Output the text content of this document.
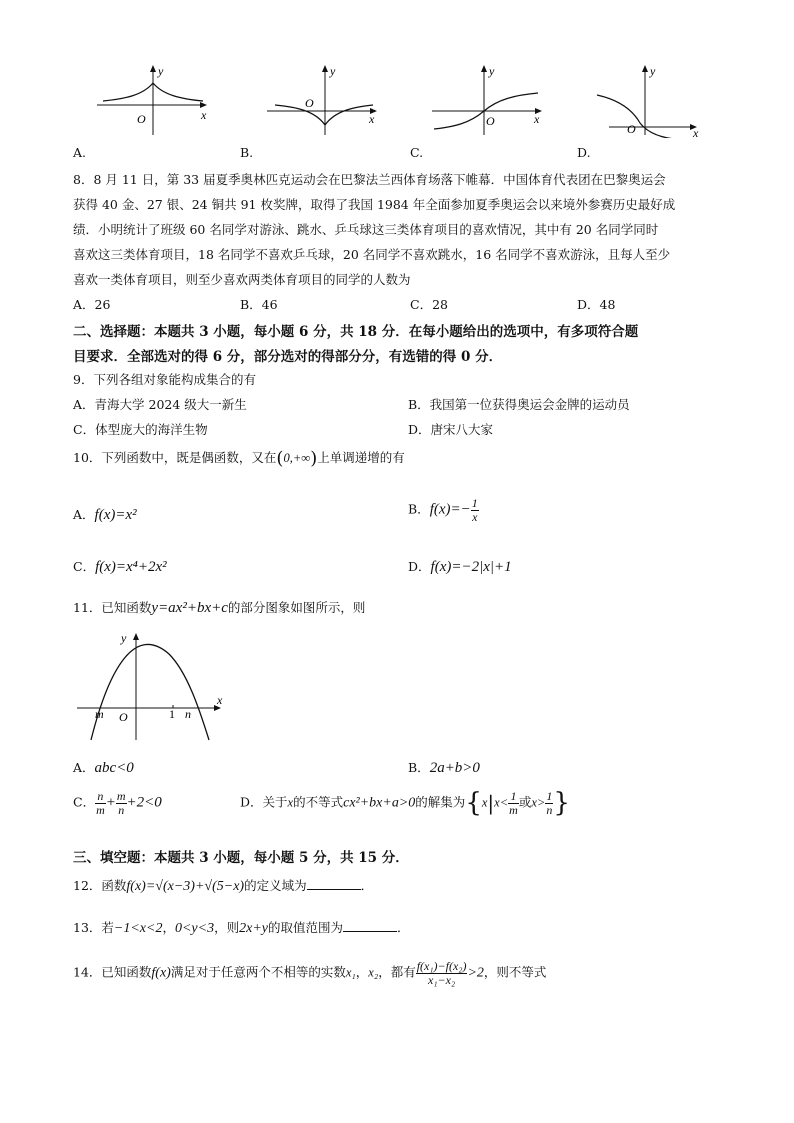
y
x
O
y
x
O
y
x
O
y
x
O
A.	B.	C.	D.
8．8 月 11 日，第 33 届夏季奥林匹克运动会在巴黎法兰西体育场落下帷幕．中国体育代表团在巴黎奥运会
获得 40 金、27 银、24 铜共 91 枚奖牌，取得了我国 1984 年全面参加夏季奥运会以来境外参赛历史最好成
绩．小明统计了班级 60 名同学对游泳、跳水、乒乓球这三类体育项目的喜欢情况，其中有 20 名同学同时
喜欢这三类体育项目，18 名同学不喜欢乒乓球，20 名同学不喜欢跳水，16 名同学不喜欢游泳，且每人至少
喜欢一类体育项目，则至少喜欢两类体育项目的同学的人数为
A．26	B．46	C．28	D．48
二、选择题：本题共 3 小题，每小题 6 分，共 18 分．在每小题给出的选项中，有多项符合题
目要求．全部选对的得 6 分，部分选对的得部分分，有选错的得 0 分．
9．下列各组对象能构成集合的有
A．青海大学 2024 级大一新生	B．我国第一位获得奥运会金牌的运动员
C．体型庞大的海洋生物	D．唐宋八大家
10．下列函数中，既是偶函数，又在(0,+∞)上单调递增的有
A．f(x)=x²	B．$f(x)=- \frac{1}{x}$
C．f(x)=x⁴+2x²	D．f(x)=−2|x|+1
11．已知函数y=ax²+bx+c的部分图象如图所示，则
y
x
O
m	1 n
A．abc<0	B．2a+b>0
C． $\frac{n}{m} + \frac{m}{n} +2<0$	D．关于x的不等式cx²+bx+a>0的解集为{$x|x< \frac{1}{m}$ 或$x> \frac{1}{n}$ }
三、填空题：本题共 3 小题，每小题 5 分，共 15 分．
12．函数f(x)=√(x−3)+√(5−x)的定义域为	．
13．若−1<x<2，0<y<3，则2x+y的取值范围为	．
14．已知函数f(x)满足对于任意两个不相等的实数x₁，x₂，都有 $\frac{\text{f(x₁)−f(x₂)}}{\text{x₁−x₂}} >2$，则不等式
